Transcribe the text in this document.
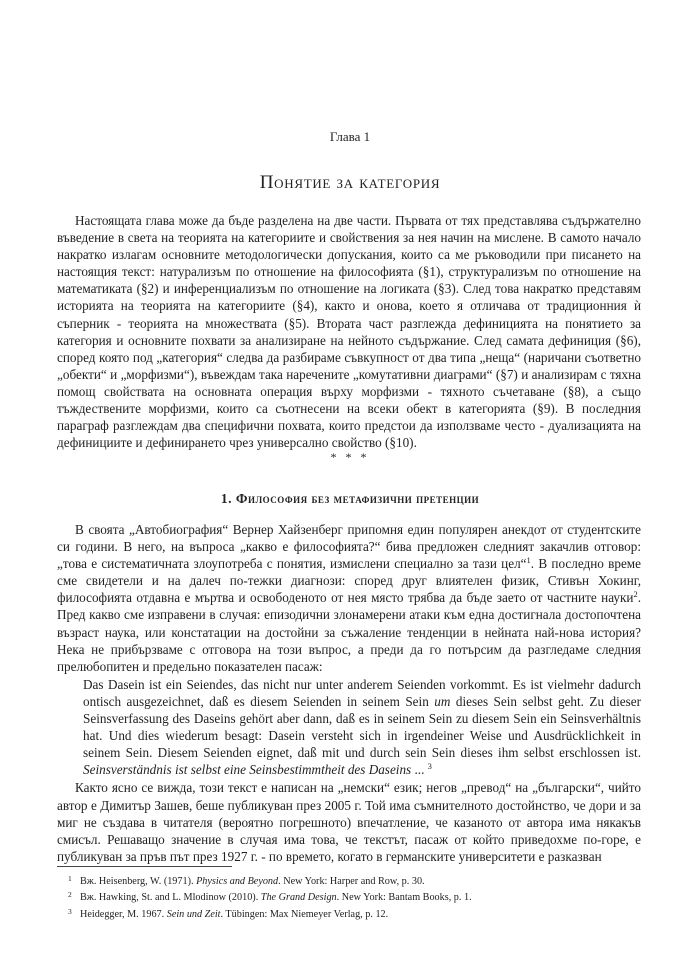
Глава 1
Понятие за категория

Настоящата глава може да бъде разделена на две части. Първата от тях представлява съдържателно въведение в света на теорията на категориите и свойствения за нея начин на мислене. В самото начало накратко излагам основните методологически допускания, които са ме ръководили при писането на настоящия текст: натурализъм по отношение на философията (§1), структурализъм по отношение на математиката (§2) и инференциализъм по отношение на логиката (§3). След това накратко представям историята на теорията на категориите (§4), както и онова, което я отличава от традиционния ѝ съперник - теорията на множествата (§5). Втората част разглежда дефиницията на понятието за категория и основните похвати за анализиране на нейното съдържание. След самата дефиниция (§6), според която под „категория“ следва да разбираме съвкупност от два типа „неща“ (наричани съответно „обекти“ и „морфизми“), въвеждам така наречените „комутативни диаграми“ (§7) и анализирам с тяхна помощ свойствата на основната операция върху морфизми - тяхното съчетаване (§8), а също тъждествените морфизми, които са съотнесени на всеки обект в категорията (§9). В последния параграф разглеждам два специфични похвата, които предстои да използваме често - дуализацията на дефинициите и дефинирането чрез универсално свойство (§10).

* * *
1. Философия без метафизични претенции

В своята „Автобиография“ Вернер Хайзенберг припомня един популярен анекдот от студентските си години. В него, на въпроса „какво е философията?“ бива предложен следният закачлив отговор: „това е систематичната злоупотреба с понятия, измислени специално за тази цел“$^1$. В последно време сме свидетели и на далеч по-тежки диагнози: според друг влиятелен физик, Стивън Хокинг, философията отдавна е мъртва и освободеното от нея място трябва да бъде заето от частните науки$^2$. Пред какво сме изправени в случая: епизодични злонамерени атаки към една достигнала достопочтена възраст наука, или констатации на достойни за съжаление тенденции в нейната най-нова история? Нека не прибързваме с отговора на този въпрос, а преди да го потърсим да разгледаме следния прелюбопитен и предельно показателен пасаж:

Das Dasein ist ein Seiendes, das nicht nur unter anderem Seienden vorkommt. Es ist vielmehr dadurch ontisch ausgezeichnet, daß es diesem Seienden in seinem Sein um dieses Sein selbst geht. Zu dieser Seinsverfassung des Daseins gehört aber dann, daß es in seinem Sein zu diesem Sein ein Seinsverhältnis hat. Und dies wiederum besagt: Dasein versteht sich in irgendeiner Weise und Ausdrücklichkeit in seinem Sein. Diesem Seienden eignet, daß mit und durch sein Sein dieses ihm selbst erschlossen ist. Seinsverständnis ist selbst eine Seinsbestimmtheit des Daseins ... $^3$

Както ясно се вижда, този текст е написан на „немски“ език; негов „превод“ на „български“, чийто автор е Димитър Зашев, беше публикуван през 2005 г. Той има съмнителното достойнство, че дори и за миг не създава в читателя (вероятно погрешното) впечатление, че казаното от автора има някакъв смисъл. Решаващо значение в случая има това, че текстът, пасаж от който приведохме по-горе, е публикуван за пръв път през 1927 г. - по времето, когато в германските университети е разказван

1 Вж. Heisenberg, W. (1971). Physics and Beyond. New York: Harper and Row, p. 30.

2 Вж. Hawking, St. and L. Mlodinow (2010). The Grand Design. New York: Bantam Books, p. 1.

3 Heidegger, M. 1967. Sein und Zeit. Tübingen: Max Niemeyer Verlag, p. 12.
